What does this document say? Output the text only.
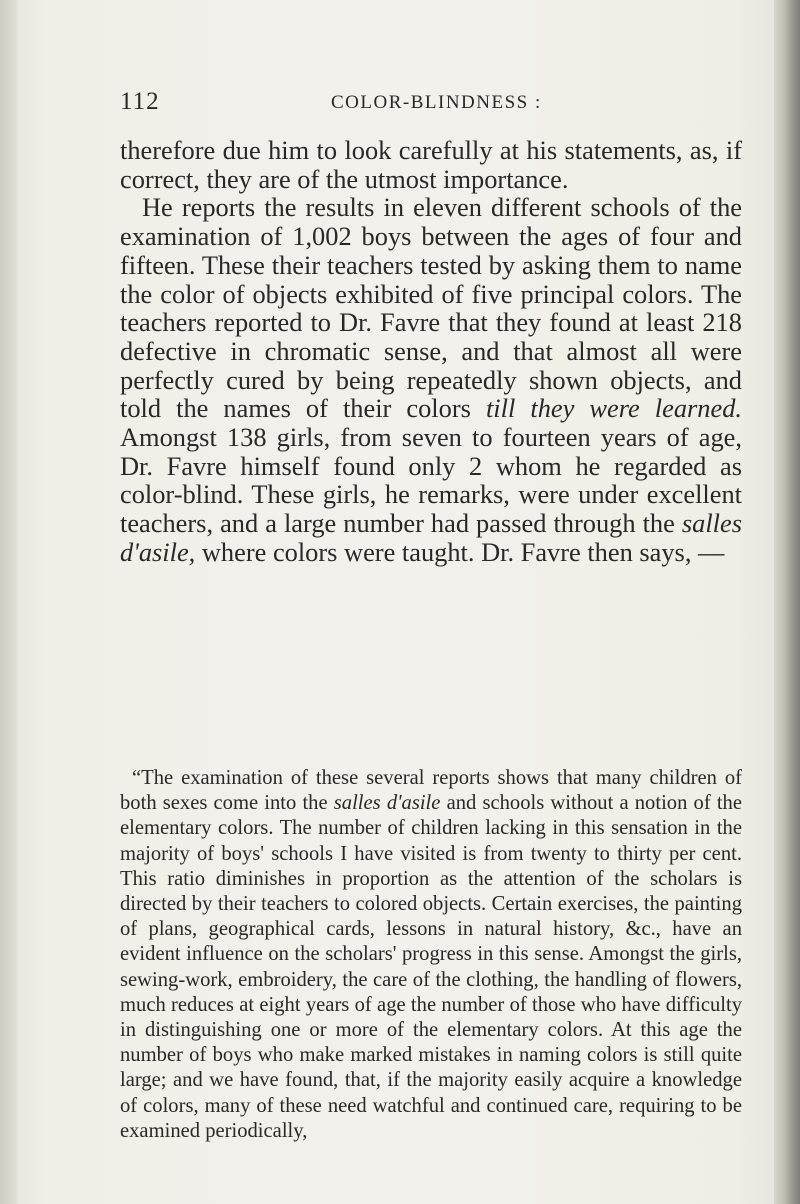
112	COLOR-BLINDNESS :

therefore due him to look carefully at his statements, as, if correct, they are of the utmost importance.

He reports the results in eleven different schools of the examination of 1,002 boys between the ages of four and fifteen. These their teachers tested by asking them to name the color of objects exhibited of five principal colors. The teachers reported to Dr. Favre that they found at least 218 defective in chromatic sense, and that almost all were perfectly cured by being repeatedly shown objects, and told the names of their colors till they were learned. Amongst 138 girls, from seven to fourteen years of age, Dr. Favre himself found only 2 whom he regarded as color-blind. These girls, he remarks, were under excellent teachers, and a large number had passed through the salles d'asile, where colors were taught. Dr. Favre then says, —

“The examination of these several reports shows that many children of both sexes come into the salles d'asile and schools without a notion of the elementary colors. The number of children lacking in this sensation in the majority of boys' schools I have visited is from twenty to thirty per cent. This ratio diminishes in proportion as the attention of the scholars is directed by their teachers to colored objects. Certain exercises, the painting of plans, geographical cards, lessons in natural history, &c., have an evident influence on the scholars' progress in this sense. Amongst the girls, sewing-work, embroidery, the care of the clothing, the handling of flowers, much reduces at eight years of age the number of those who have difficulty in distinguishing one or more of the elementary colors. At this age the number of boys who make marked mistakes in naming colors is still quite large; and we have found, that, if the majority easily acquire a knowledge of colors, many of these need watchful and continued care, requiring to be examined periodically,
